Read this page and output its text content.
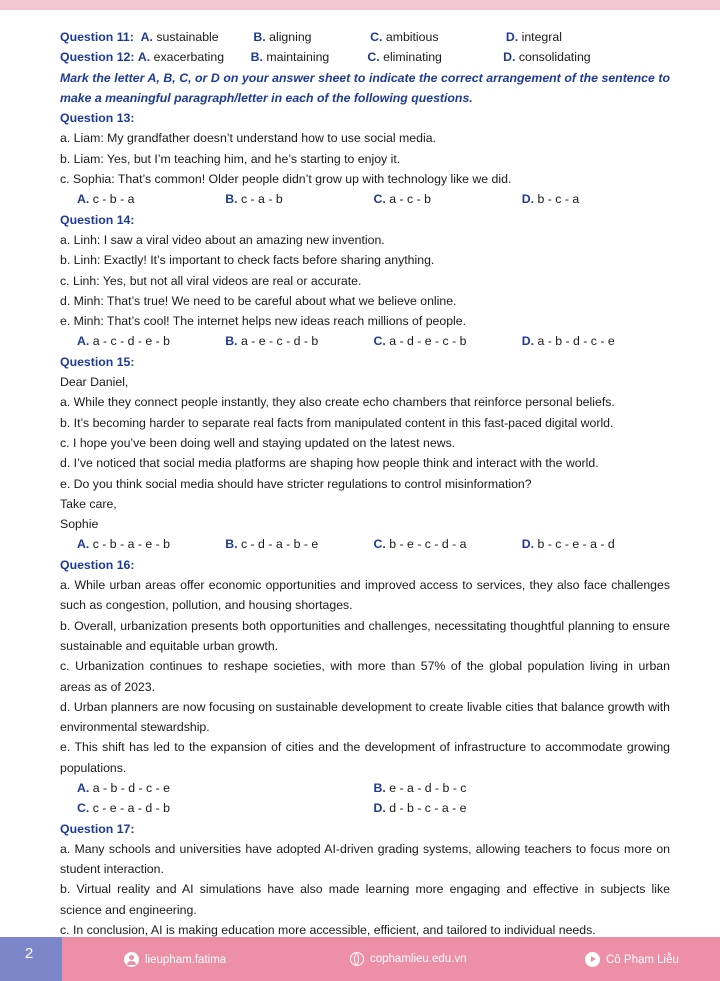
Question 11: A. sustainable	B. aligning	C. ambitious	D. integral
Question 12: A. exacerbating B. maintaining	C. eliminating	D. consolidating
Mark the letter A, B, C, or D on your answer sheet to indicate the correct arrangement of the sentence to make a meaningful paragraph/letter in each of the following questions.
Question 13:
a. Liam: My grandfather doesn’t understand how to use social media.
b. Liam: Yes, but I’m teaching him, and he’s starting to enjoy it.
c. Sophia: That’s common! Older people didn’t grow up with technology like we did.
A. c - b - a	B. c - a - b	C. a - c - b	D. b - c - a
Question 14:
a. Linh: I saw a viral video about an amazing new invention.
b. Linh: Exactly! It’s important to check facts before sharing anything.
c. Linh: Yes, but not all viral videos are real or accurate.
d. Minh: That’s true! We need to be careful about what we believe online.
e. Minh: That’s cool! The internet helps new ideas reach millions of people.
A. a - c - d - e - b	B. a - e - c - d - b	C. a - d - e - c - b	D. a - b - d - c - e
Question 15:
Dear Daniel,
a. While they connect people instantly, they also create echo chambers that reinforce personal beliefs.
b. It’s becoming harder to separate real facts from manipulated content in this fast-paced digital world.
c. I hope you’ve been doing well and staying updated on the latest news.
d. I’ve noticed that social media platforms are shaping how people think and interact with the world.
e. Do you think social media should have stricter regulations to control misinformation?
Take care,
Sophie
A. c - b - a - e - b	B. c - d - a - b - e	C. b - e - c - d - a	D. b - c - e - a - d
Question 16:
a. While urban areas offer economic opportunities and improved access to services, they also face challenges such as congestion, pollution, and housing shortages.
b. Overall, urbanization presents both opportunities and challenges, necessitating thoughtful planning to ensure sustainable and equitable urban growth.
c. Urbanization continues to reshape societies, with more than 57% of the global population living in urban areas as of 2023.
d. Urban planners are now focusing on sustainable development to create livable cities that balance growth with environmental stewardship.
e. This shift has led to the expansion of cities and the development of infrastructure to accommodate growing populations.
A. a - b - d - c - e	B. e - a - d - b - c
C. c - e - a - d - b	D. d - b - c - a - e
Question 17:
a. Many schools and universities have adopted AI-driven grading systems, allowing teachers to focus more on student interaction.
b. Virtual reality and AI simulations have also made learning more engaging and effective in subjects like science and engineering.
c. In conclusion, AI is making education more accessible, efficient, and tailored to individual needs.
2	lieupham.fatima	cophamlieu.edu.vn	Cô Phạm Liễu
